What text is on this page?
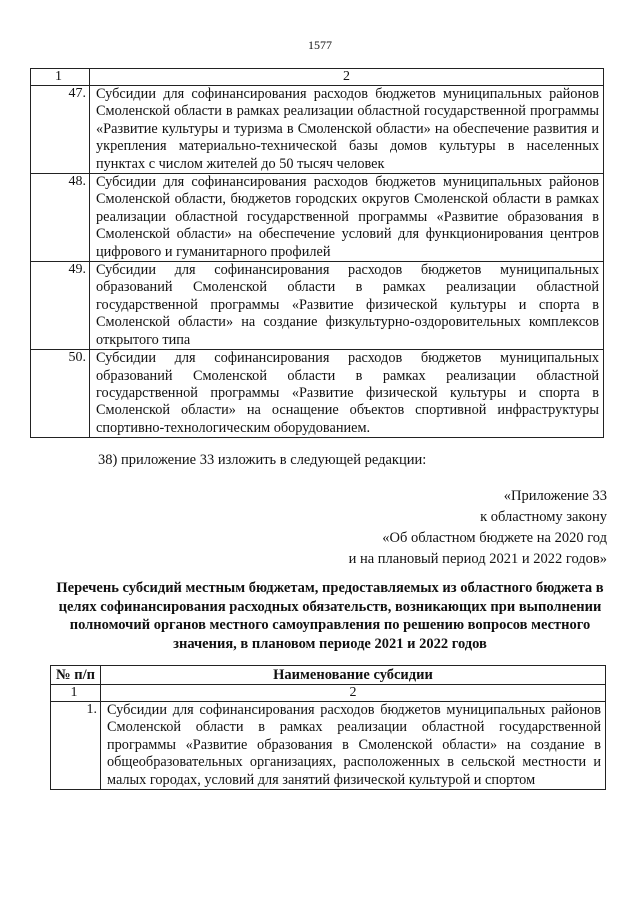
1577
1	2
47.	Субсидии для софинансирования расходов бюджетов муниципальных районов Смоленской области в рамках реализации областной государственной программы «Развитие культуры и туризма в Смоленской области» на обеспечение развития и укрепления материально-технической базы домов культуры в населенных пунктах с числом жителей до 50 тысяч человек
48.	Субсидии для софинансирования расходов бюджетов муниципальных районов Смоленской области, бюджетов городских округов Смоленской области в рамках реализации областной государственной программы «Развитие образования в Смоленской области» на обеспечение условий для функционирования центров цифрового и гуманитарного профилей
49.	Субсидии для софинансирования расходов бюджетов муниципальных образований Смоленской области в рамках реализации областной государственной программы «Развитие физической культуры и спорта в Смоленской области» на создание физкультурно-оздоровительных комплексов открытого типа
50.	Субсидии для софинансирования расходов бюджетов муниципальных образований Смоленской области в рамках реализации областной государственной программы «Развитие физической культуры и спорта в Смоленской области» на оснащение объектов спортивной инфраструктуры спортивно-технологическим оборудованием.
38) приложение 33 изложить в следующей редакции:
«Приложение 33
к областному закону
«Об областном бюджете на 2020 год
и на плановый период 2021 и 2022 годов»
Перечень субсидий местным бюджетам, предоставляемых из областного бюджета в целях софинансирования расходных обязательств, возникающих при выполнении полномочий органов местного самоуправления по решению вопросов местного значения, в плановом периоде 2021 и 2022 годов
№ п/п	Наименование субсидии
1	2
1.	Субсидии для софинансирования расходов бюджетов муниципальных районов Смоленской области в рамках реализации областной государственной программы «Развитие образования в Смоленской области» на создание в общеобразовательных организациях, расположенных в сельской местности и малых городах, условий для занятий физической культурой и спортом
